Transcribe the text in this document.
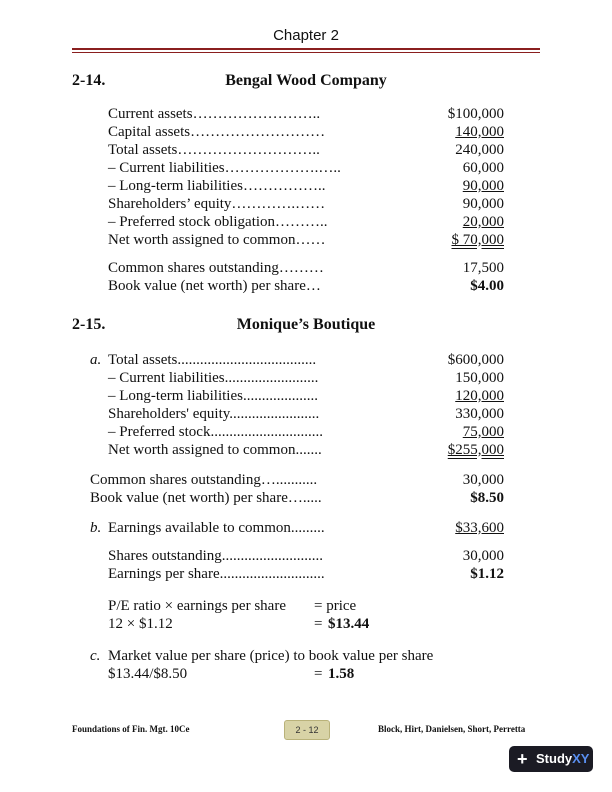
Chapter 2
2-14.	Bengal Wood Company
Current assets……………………..	$100,000
Capital assets………………………	140,000
Total assets………………………..	240,000
– Current liabilities……………….…..	60,000
– Long-term liabilities……………..	90,000
Shareholders’ equity………….……	90,000
– Preferred stock obligation………..	20,000
Net worth assigned to common……	$ 70,000
Common shares outstanding………	17,500
Book value (net worth) per share…	$4.00
2-15.	Monique’s Boutique
a. Total assets.....................................	$600,000
– Current liabilities.........................	150,000
– Long-term liabilities....................	120,000
Shareholders' equity........................	330,000
– Preferred stock..............................	75,000
Net worth assigned to common.......	$255,000
Common shares outstanding…...........	30,000
Book value (net worth) per share….....	$8.50
b. Earnings available to common.........	$33,600
Shares outstanding...........................	30,000
Earnings per share............................	$1.12
P/E ratio × earnings per share = price
12 × $1.12	= $13.44
c. Market value per share (price) to book value per share
$13.44/$8.50	= 1.58
Foundations of Fin. Mgt. 10Ce	2 - 12	Block, Hirt, Danielsen, Short, Perretta
+ StudyXY
